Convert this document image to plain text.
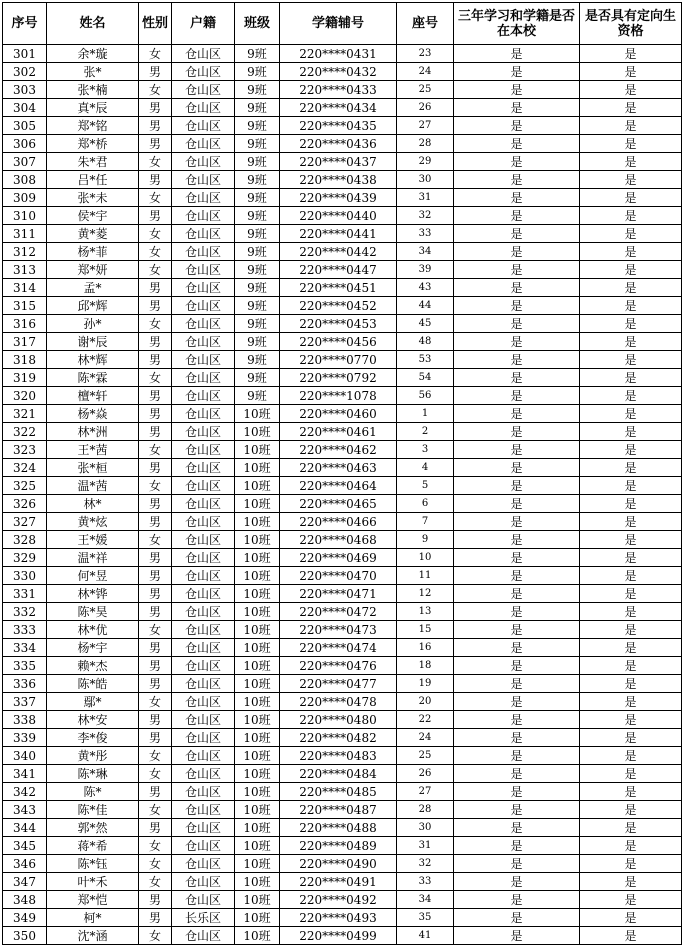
序号	姓名	性别	户籍	班级	学籍辅号	座号	三年学习和学籍是否在本校	是否具有定向生资格
301	余*璇	女	仓山区	9班	220****0431	23	是	是
302	张*	男	仓山区	9班	220****0432	24	是	是
303	张*楠	女	仓山区	9班	220****0433	25	是	是
304	真*辰	男	仓山区	9班	220****0434	26	是	是
305	郑*铭	男	仓山区	9班	220****0435	27	是	是
306	郑*桥	男	仓山区	9班	220****0436	28	是	是
307	朱*君	女	仓山区	9班	220****0437	29	是	是
308	吕*任	男	仓山区	9班	220****0438	30	是	是
309	张*未	女	仓山区	9班	220****0439	31	是	是
310	侯*宇	男	仓山区	9班	220****0440	32	是	是
311	黄*菱	女	仓山区	9班	220****0441	33	是	是
312	杨*菲	女	仓山区	9班	220****0442	34	是	是
313	郑*妍	女	仓山区	9班	220****0447	39	是	是
314	孟*	男	仓山区	9班	220****0451	43	是	是
315	邱*辉	男	仓山区	9班	220****0452	44	是	是
316	孙*	女	仓山区	9班	220****0453	45	是	是
317	谢*辰	男	仓山区	9班	220****0456	48	是	是
318	林*辉	男	仓山区	9班	220****0770	53	是	是
319	陈*霖	女	仓山区	9班	220****0792	54	是	是
320	檀*轩	男	仓山区	9班	220****1078	56	是	是
321	杨*焱	男	仓山区	10班	220****0460	1	是	是
322	林*洲	男	仓山区	10班	220****0461	2	是	是
323	王*茜	女	仓山区	10班	220****0462	3	是	是
324	张*桓	男	仓山区	10班	220****0463	4	是	是
325	温*茜	女	仓山区	10班	220****0464	5	是	是
326	林*	男	仓山区	10班	220****0465	6	是	是
327	黄*炫	男	仓山区	10班	220****0466	7	是	是
328	王*媛	女	仓山区	10班	220****0468	9	是	是
329	温*祥	男	仓山区	10班	220****0469	10	是	是
330	何*昱	男	仓山区	10班	220****0470	11	是	是
331	林*铧	男	仓山区	10班	220****0471	12	是	是
332	陈*昊	男	仓山区	10班	220****0472	13	是	是
333	林*优	女	仓山区	10班	220****0473	15	是	是
334	杨*宇	男	仓山区	10班	220****0474	16	是	是
335	赖*杰	男	仓山区	10班	220****0476	18	是	是
336	陈*皓	男	仓山区	10班	220****0477	19	是	是
337	鄢*	女	仓山区	10班	220****0478	20	是	是
338	林*安	男	仓山区	10班	220****0480	22	是	是
339	李*俊	男	仓山区	10班	220****0482	24	是	是
340	黄*彤	女	仓山区	10班	220****0483	25	是	是
341	陈*琳	女	仓山区	10班	220****0484	26	是	是
342	陈*	男	仓山区	10班	220****0485	27	是	是
343	陈*佳	女	仓山区	10班	220****0487	28	是	是
344	郭*然	男	仓山区	10班	220****0488	30	是	是
345	蒋*希	女	仓山区	10班	220****0489	31	是	是
346	陈*钰	女	仓山区	10班	220****0490	32	是	是
347	叶*禾	女	仓山区	10班	220****0491	33	是	是
348	郑*恺	男	仓山区	10班	220****0492	34	是	是
349	柯*	男	长乐区	10班	220****0493	35	是	是
350	沈*涵	女	仓山区	10班	220****0499	41	是	是
